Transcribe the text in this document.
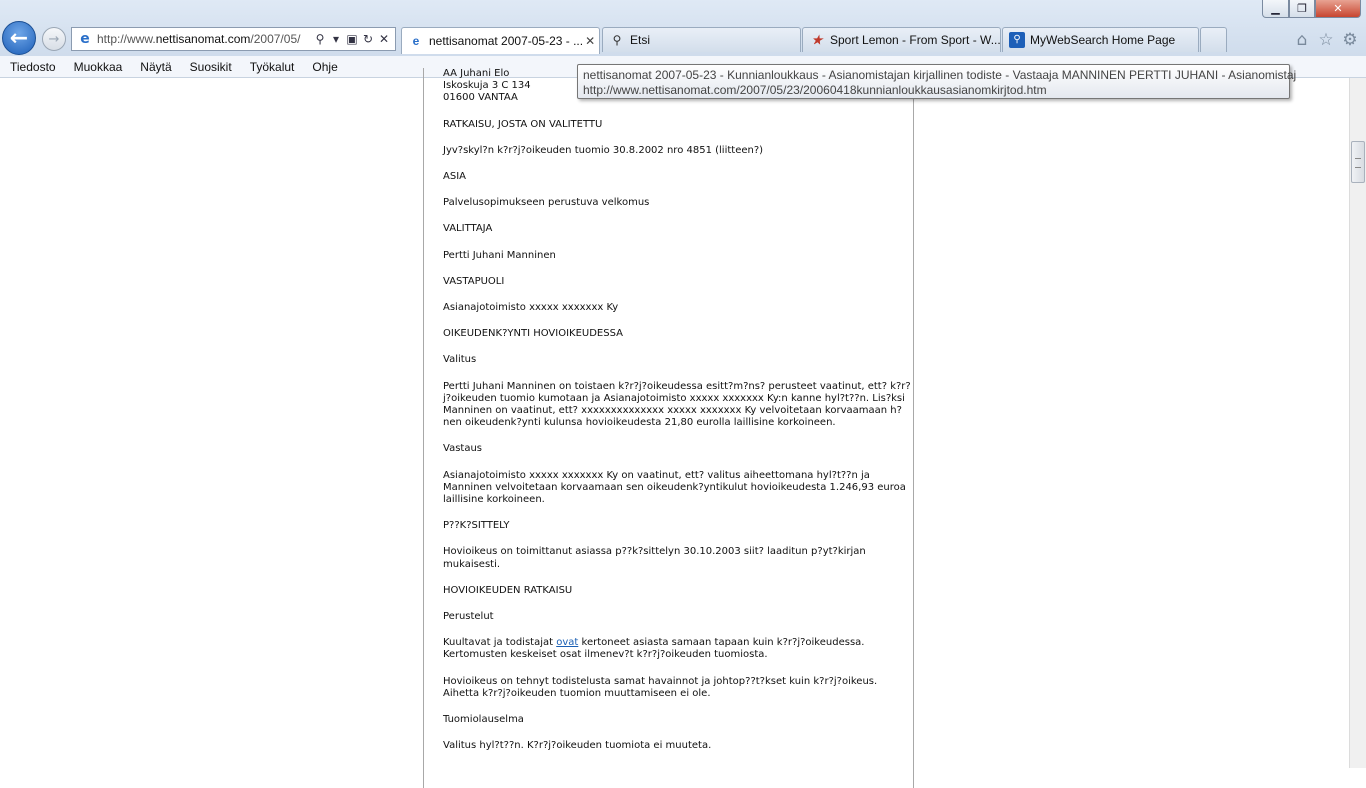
▁ ❐ ✕
← → e http://www.nettisanomat.com/2007/05/	⚲ ▾ ▣ ↻ ✕	e nettisanomat 2007-05-23 - ... ✕ ⚲ Etsi	★ Sport Lemon - From Sport - W...	⚲ MyWebSearch Home Page	⌂ ☆ ⚙
Tiedosto	Muokkaa	Näytä	Suosikit	Työkalut	Ohje	AA Juhani Elo
Iskoskuja 3 C 134
01600 VANTAA

RATKAISU, JOSTA ON VALITETTU

Jyv?skyl?n k?r?j?oikeuden tuomio 30.8.2002 nro 4851 (liitteen?)

ASIA

Palvelusopimukseen perustuva velkomus

VALITTAJA

Pertti Juhani Manninen

VASTAPUOLI

Asianajotoimisto xxxxx xxxxxxx Ky

OIKEUDENK?YNTI HOVIOIKEUDESSA

Valitus

Pertti Juhani Manninen on toistaen k?r?j?oikeudessa esitt?m?ns? perusteet vaatinut, ett? k?r?j?oikeuden tuomio kumotaan ja Asianajotoimisto xxxxx xxxxxxx Ky:n kanne hyl?t??n. Lis?ksi Manninen on vaatinut, ett? xxxxxxxxxxxxxx xxxxx xxxxxxx Ky velvoitetaan korvaamaan h?nen oikeudenk?ynti kulunsa hovioikeudesta 21,80 eurolla laillisine korkoineen.

Vastaus

Asianajotoimisto xxxxx xxxxxxx Ky on vaatinut, ett? valitus aiheettomana hyl?t??n ja Manninen velvoitetaan korvaamaan sen oikeudenk?yntikulut hovioikeudesta 1.246,93 euroa laillisine korkoineen.

P??K?SITTELY

Hovioikeus on toimittanut asiassa p??k?sittelyn 30.10.2003 siit? laaditun p?yt?kirjan mukaisesti.

HOVIOIKEUDEN RATKAISU

Perustelut

Kuultavat ja todistajat ovat kertoneet asiasta samaan tapaan kuin k?r?j?oikeudessa. Kertomusten keskeiset osat ilmenev?t k?r?j?oikeuden tuomiosta.

Hovioikeus on tehnyt todistelusta samat havainnot ja johtop??t?kset kuin k?r?j?oikeus. Aihetta k?r?j?oikeuden tuomion muuttamiseen ei ole.

Tuomiolauselma

Valitus hyl?t??n. K?r?j?oikeuden tuomiota ei muuteta.

nettisanomat 2007-05-23 - Kunnianloukkaus - Asianomistajan kirjallinen todiste - Vastaaja MANNINEN PERTTI JUHANI - Asianomistaj
http://www.nettisanomat.com/2007/05/23/20060418kunnianloukkausasianomkirjtod.htm
